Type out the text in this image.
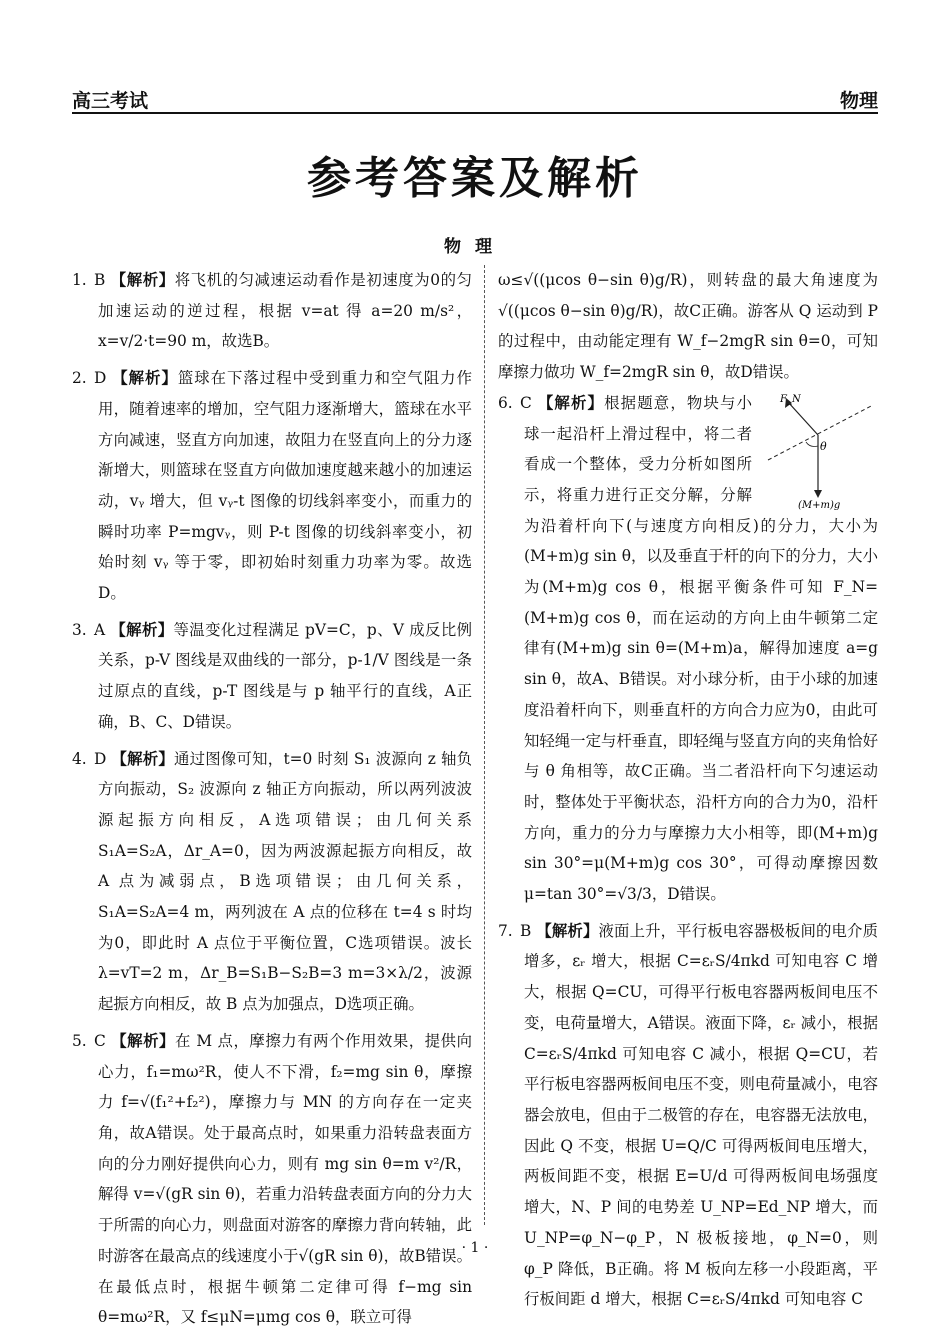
高三考试	物理
参考答案及解析
物理

1. B 【解析】将飞机的匀减速运动看作是初速度为0的匀加速运动的逆过程，根据 v=at 得 a=20 m/s²，x=v/2·t=90 m，故选B。

2. D 【解析】篮球在下落过程中受到重力和空气阻力作用，随着速率的增加，空气阻力逐渐增大，篮球在水平方向减速，竖直方向加速，故阻力在竖直向上的分力逐渐增大，则篮球在竖直方向做加速度越来越小的加速运动，vᵧ 增大，但 vᵧ-t 图像的切线斜率变小，而重力的瞬时功率 P=mgvᵧ，则 P-t 图像的切线斜率变小，初始时刻 vᵧ 等于零，即初始时刻重力功率为零。故选D。

3. A 【解析】等温变化过程满足 pV=C，p、V 成反比例关系，p-V 图线是双曲线的一部分，p-1/V 图线是一条过原点的直线，p-T 图线是与 p 轴平行的直线，A正确，B、C、D错误。

4. D 【解析】通过图像可知，t=0 时刻 S₁ 波源向 z 轴负方向振动，S₂ 波源向 z 轴正方向振动，所以两列波波源起振方向相反，A选项错误；由几何关系 S₁A=S₂A，Δr_A=0，因为两波源起振方向相反，故 A 点为减弱点，B选项错误；由几何关系，S₁A=S₂A=4 m，两列波在 A 点的位移在 t=4 s 时均为0，即此时 A 点位于平衡位置，C选项错误。波长 λ=vT=2 m，Δr_B=S₁B−S₂B=3 m=3×λ/2，波源起振方向相反，故 B 点为加强点，D选项正确。

5. C 【解析】在 M 点，摩擦力有两个作用效果，提供向心力，f₁=mω²R，使人不下滑，f₂=mg sin θ，摩擦力 f=√(f₁²+f₂²)，摩擦力与 MN 的方向存在一定夹角，故A错误。处于最高点时，如果重力沿转盘表面方向的分力刚好提供向心力，则有 mg sin θ=m v²/R，解得 v=√(gR sin θ)，若重力沿转盘表面方向的分力大于所需的向心力，则盘面对游客的摩擦力背向转轴，此时游客在最高点的线速度小于√(gR sin θ)，故B错误。在最低点时，根据牛顿第二定律可得 f−mg sin θ=mω²R，又 f≤μN=μmg cos θ，联立可得

ω≤√((μcos θ−sin θ)g/R)，则转盘的最大角速度为√((μcos θ−sin θ)g/R)，故C正确。游客从 Q 运动到 P 的过程中，由动能定理有 W_f−2mgR sin θ=0，可知摩擦力做功 W_f=2mgR sin θ，故D错误。

6. C 【解析】	F_N
θ
(M+m)g
根据题意，物块与小球一起沿杆上滑过程中，将二者看成一个整体，受力分析如图所示，将重力进行正交分解，分解为沿着杆向下(与速度方向相反)的分力，大小为(M+m)g sin θ，以及垂直于杆的向下的分力，大小为(M+m)g cos θ，根据平衡条件可知 F_N=(M+m)g cos θ，而在运动的方向上由牛顿第二定律有(M+m)g sin θ=(M+m)a，解得加速度 a=g sin θ，故A、B错误。对小球分析，由于小球的加速度沿着杆向下，则垂直杆的方向合力应为0，由此可知轻绳一定与杆垂直，即轻绳与竖直方向的夹角恰好与 θ 角相等，故C正确。当二者沿杆向下匀速运动时，整体处于平衡状态，沿杆方向的合力为0，沿杆方向，重力的分力与摩擦力大小相等，即(M+m)g sin 30°=μ(M+m)g cos 30°，可得动摩擦因数 μ=tan 30°=√3/3，D错误。

7. B 【解析】液面上升，平行板电容器极板间的电介质增多，εᵣ 增大，根据 C=εᵣS/4πkd 可知电容 C 增大，根据 Q=CU，可得平行板电容器两板间电压不变，电荷量增大，A错误。液面下降，εᵣ 减小，根据 C=εᵣS/4πkd 可知电容 C 减小，根据 Q=CU，若平行板电容器两板间电压不变，则电荷量减小，电容器会放电，但由于二极管的存在，电容器无法放电，因此 Q 不变，根据 U=Q/C 可得两板间电压增大，两板间距不变，根据 E=U/d 可得两板间电场强度增大，N、P 间的电势差 U_NP=Ed_NP 增大，而 U_NP=φ_N−φ_P，N 极板接地，φ_N=0，则 φ_P 降低，B正确。将 M 板向左移一小段距离，平行板间距 d 增大，根据 C=εᵣS/4πkd 可知电容 C

· 1 ·
